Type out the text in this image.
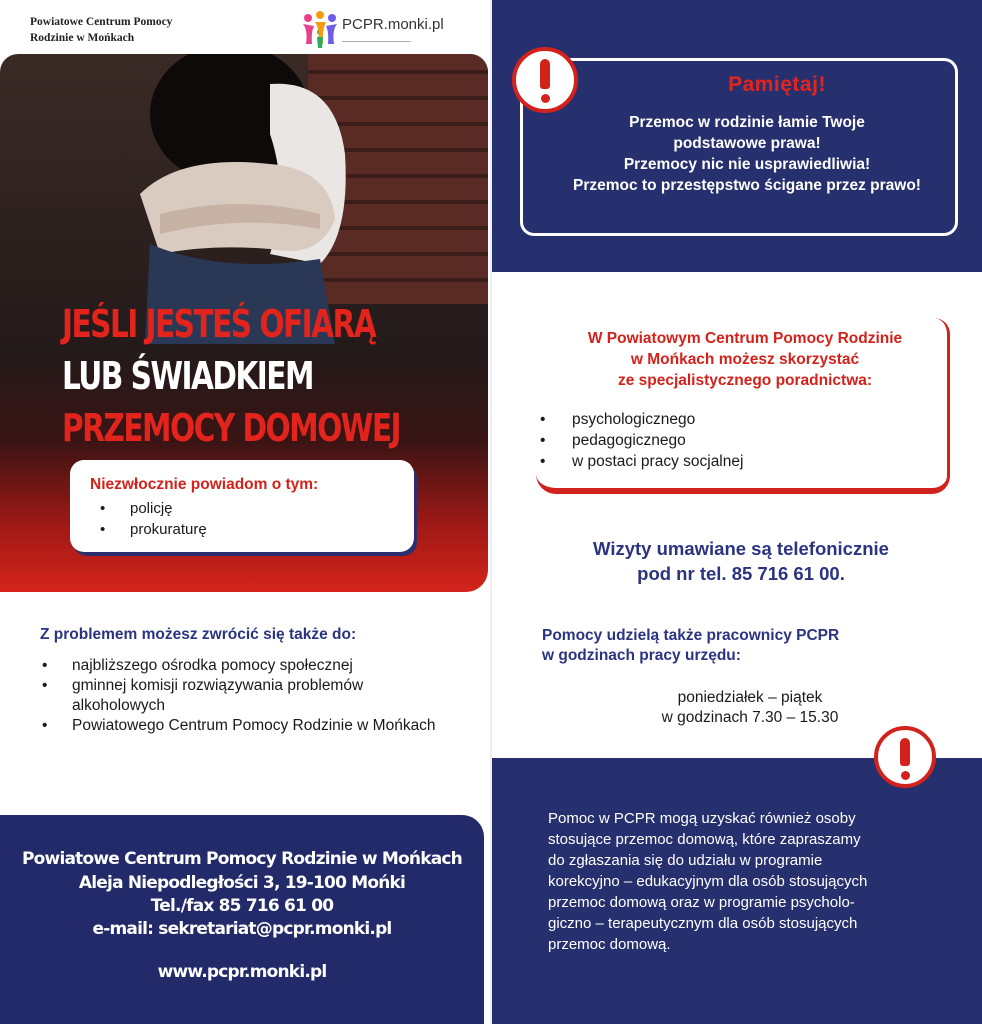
Powiatowe Centrum Pomocy
Rodzinie w Mońkach
PCPR.monki.pl
▁▁▁▁▁▁▁▁▁▁▁▁▁▁▁▁▁▁▁▁▁
JEŚLI JESTEŚ OFIARĄ
LUB ŚWIADKIEM
PRZEMOCY DOMOWEJ
Niezwłocznie powiadom o tym:
• policję
• prokuraturę
Z problemem możesz zwrócić się także do:
• najbliższego ośrodka pomocy społecznej
• gminnej komisji rozwiązywania problemów alkoholowych
• Powiatowego Centrum Pomocy Rodzinie w Mońkach
Powiatowe Centrum Pomocy Rodzinie w Mońkach
Aleja Niepodległości 3, 19-100 Mońki
Tel./fax 85 716 61 00
e-mail: sekretariat@pcpr.monki.pl
www.pcpr.monki.pl
Pamiętaj!
Przemoc w rodzinie łamie Twoje
podstawowe prawa!
Przemocy nic nie usprawiedliwia!
Przemoc to przestępstwo ścigane przez prawo!
W Powiatowym Centrum Pomocy Rodzinie
w Mońkach możesz skorzystać
ze specjalistycznego poradnictwa:
• psychologicznego
• pedagogicznego
• w postaci pracy socjalnej
Wizyty umawiane są telefonicznie
pod nr tel. 85 716 61 00.
Pomocy udzielą także pracownicy PCPR
w godzinach pracy urzędu:
poniedziałek – piątek
w godzinach 7.30 – 15.30
Pomoc w PCPR mogą uzyskać również osoby
stosujące przemoc domową, które zapraszamy
do zgłaszania się do udziału w programie
korekcyjno – edukacyjnym dla osób stosujących
przemoc domową oraz w programie psycholo-
giczno – terapeutycznym dla osób stosujących
przemoc domową.
